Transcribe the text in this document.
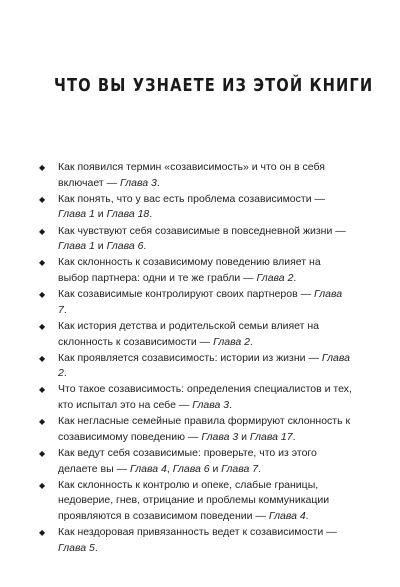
ЧТО ВЫ УЗНАЕТЕ ИЗ ЭТОЙ КНИГИ
◆ Как появился термин «созависимость» и что он в себя включает — Глава 3.
◆ Как понять, что у вас есть проблема созависимости — Глава 1 и Глава 18.
◆ Как чувствуют себя созависимые в повседневной жизни — Глава 1 и Глава 6.
◆ Как склонность к созависимому поведению влияет на выбор партнера: одни и те же грабли — Глава 2.
◆ Как созависимые контролируют своих партнеров — Глава 7.
◆ Как история детства и родительской семьи влияет на склонность к созависимости — Глава 2.
◆ Как проявляется созависимость: истории из жизни — Глава 2.
◆ Что такое созависимость: определения специалистов и тех, кто испытал это на себе — Глава 3.
◆ Как негласные семейные правила формируют склонность к созависимому поведению — Глава 3 и Глава 17.
◆ Как ведут себя созависимые: проверьте, что из этого делаете вы — Глава 4, Глава 6 и Глава 7.
◆ Как склонность к контролю и опеке, слабые границы, недоверие, гнев, отрицание и проблемы коммуникации проявляются в созависимом поведении — Глава 4.
◆ Как нездоровая привязанность ведет к созависимости — Глава 5.
